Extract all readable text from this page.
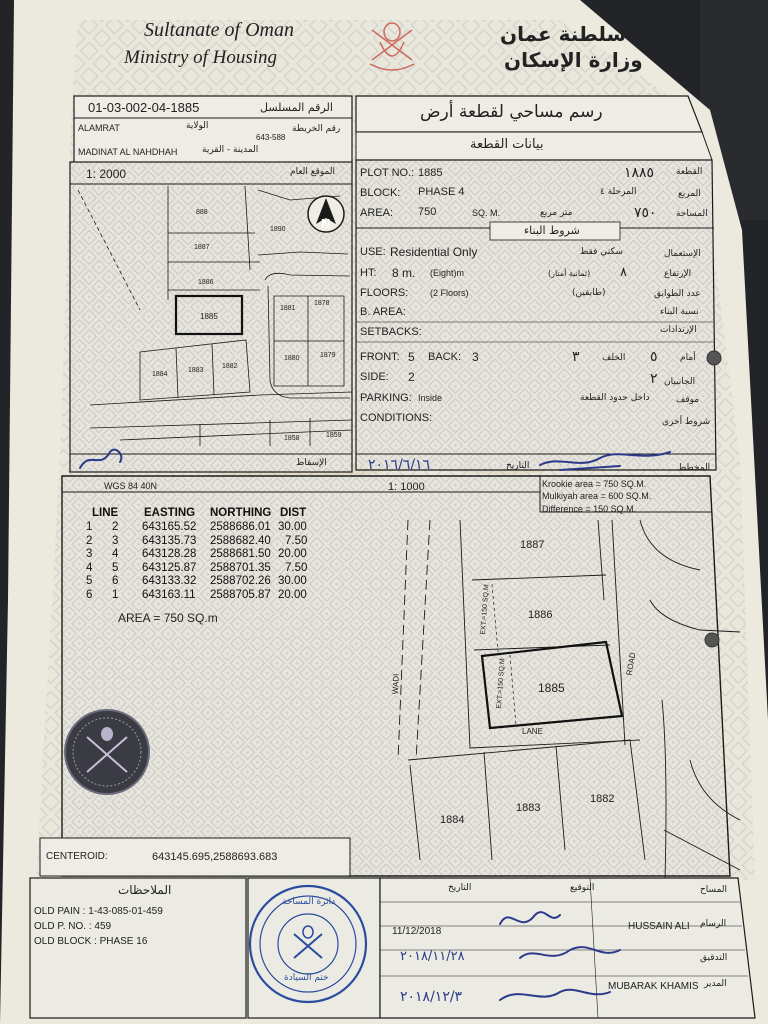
Sultanate of Oman
Ministry of Housing
سلطنة عمان
وزارة الإسكان
01-03-002-04-1885	الرقم المسلسل
ALAMRAT	الولاية
643-588
رقم الخريطة
MADINAT AL NAHDHAH	المدينة - القرية
1: 2000	الموقع العام
888
1890
1887
1886
1885
1881
1878
1884
1883
1882
1880	1879
1858	1859
N
الإسقاط
رسم مساحي لقطعة أرض
بيانات القطعة
PLOT NO.: 1885	١٨٨٥ القطعة
BLOCK: PHASE 4	المرحلة ٤	المربع
AREA: 750	SQ. M.	متر مربع	٧٥٠ المساحة
شروط البناء
USE: Residential Only	سكني فقط	الإستعمال
HT: 8 m. (Eight)m	(ثمانية أمتار) ٨	الإرتفاع
FLOORS: (2 Floors)	(طابقين)	عدد الطوابق
B. AREA:	نسبة البناء
SETBACKS:	الإرتدادات
FRONT: 5 BACK: 3	٣ الخلف ٥ أمام
SIDE: 2	٢ الجانبيان
PARKING: Inside	داخل حدود القطعة	موقف
CONDITIONS:	شروط أخرى
٢٠١٦/٦/١٦	التاريخ	المخطط
WGS 84 40N	1: 1000	Krookie area = 750 SQ.M.
Mulkiyah area = 600 SQ.M.
Difference = 150 SQ.M.
LINE EASTING NORTHING DIST
1 2 643165.52 2588686.01 30.00
2 3 643135.73 2588682.40 7.50
3 4 643128.28 2588681.50 20.00
4 5 643125.87 2588701.35 7.50
5 6 643133.32 2588702.26 30.00
6 1 643163.11 2588705.87 20.00
AREA = 750 SQ.m
1887
1886
1885
1884
1883
1882
ROAD
WADI
LANE
EXT.=150 SQ.M
EXT.=150 SQ.M
CENTEROID:	643145.695,2588693.683
الملاحظات
OLD PAIN : 1-43-085-01-459
OLD P. NO. : 459
OLD BLOCK : PHASE 16
دائرة المساحة
ختم السيادة
التاريخ	التوقيع	المساح
11/12/2018	HUSSAIN ALI الرسام
٢٠١٨/١١/٢٨	التدقيق
٢٠١٨/١٢/٣
MUBARAK KHAMIS المدير
